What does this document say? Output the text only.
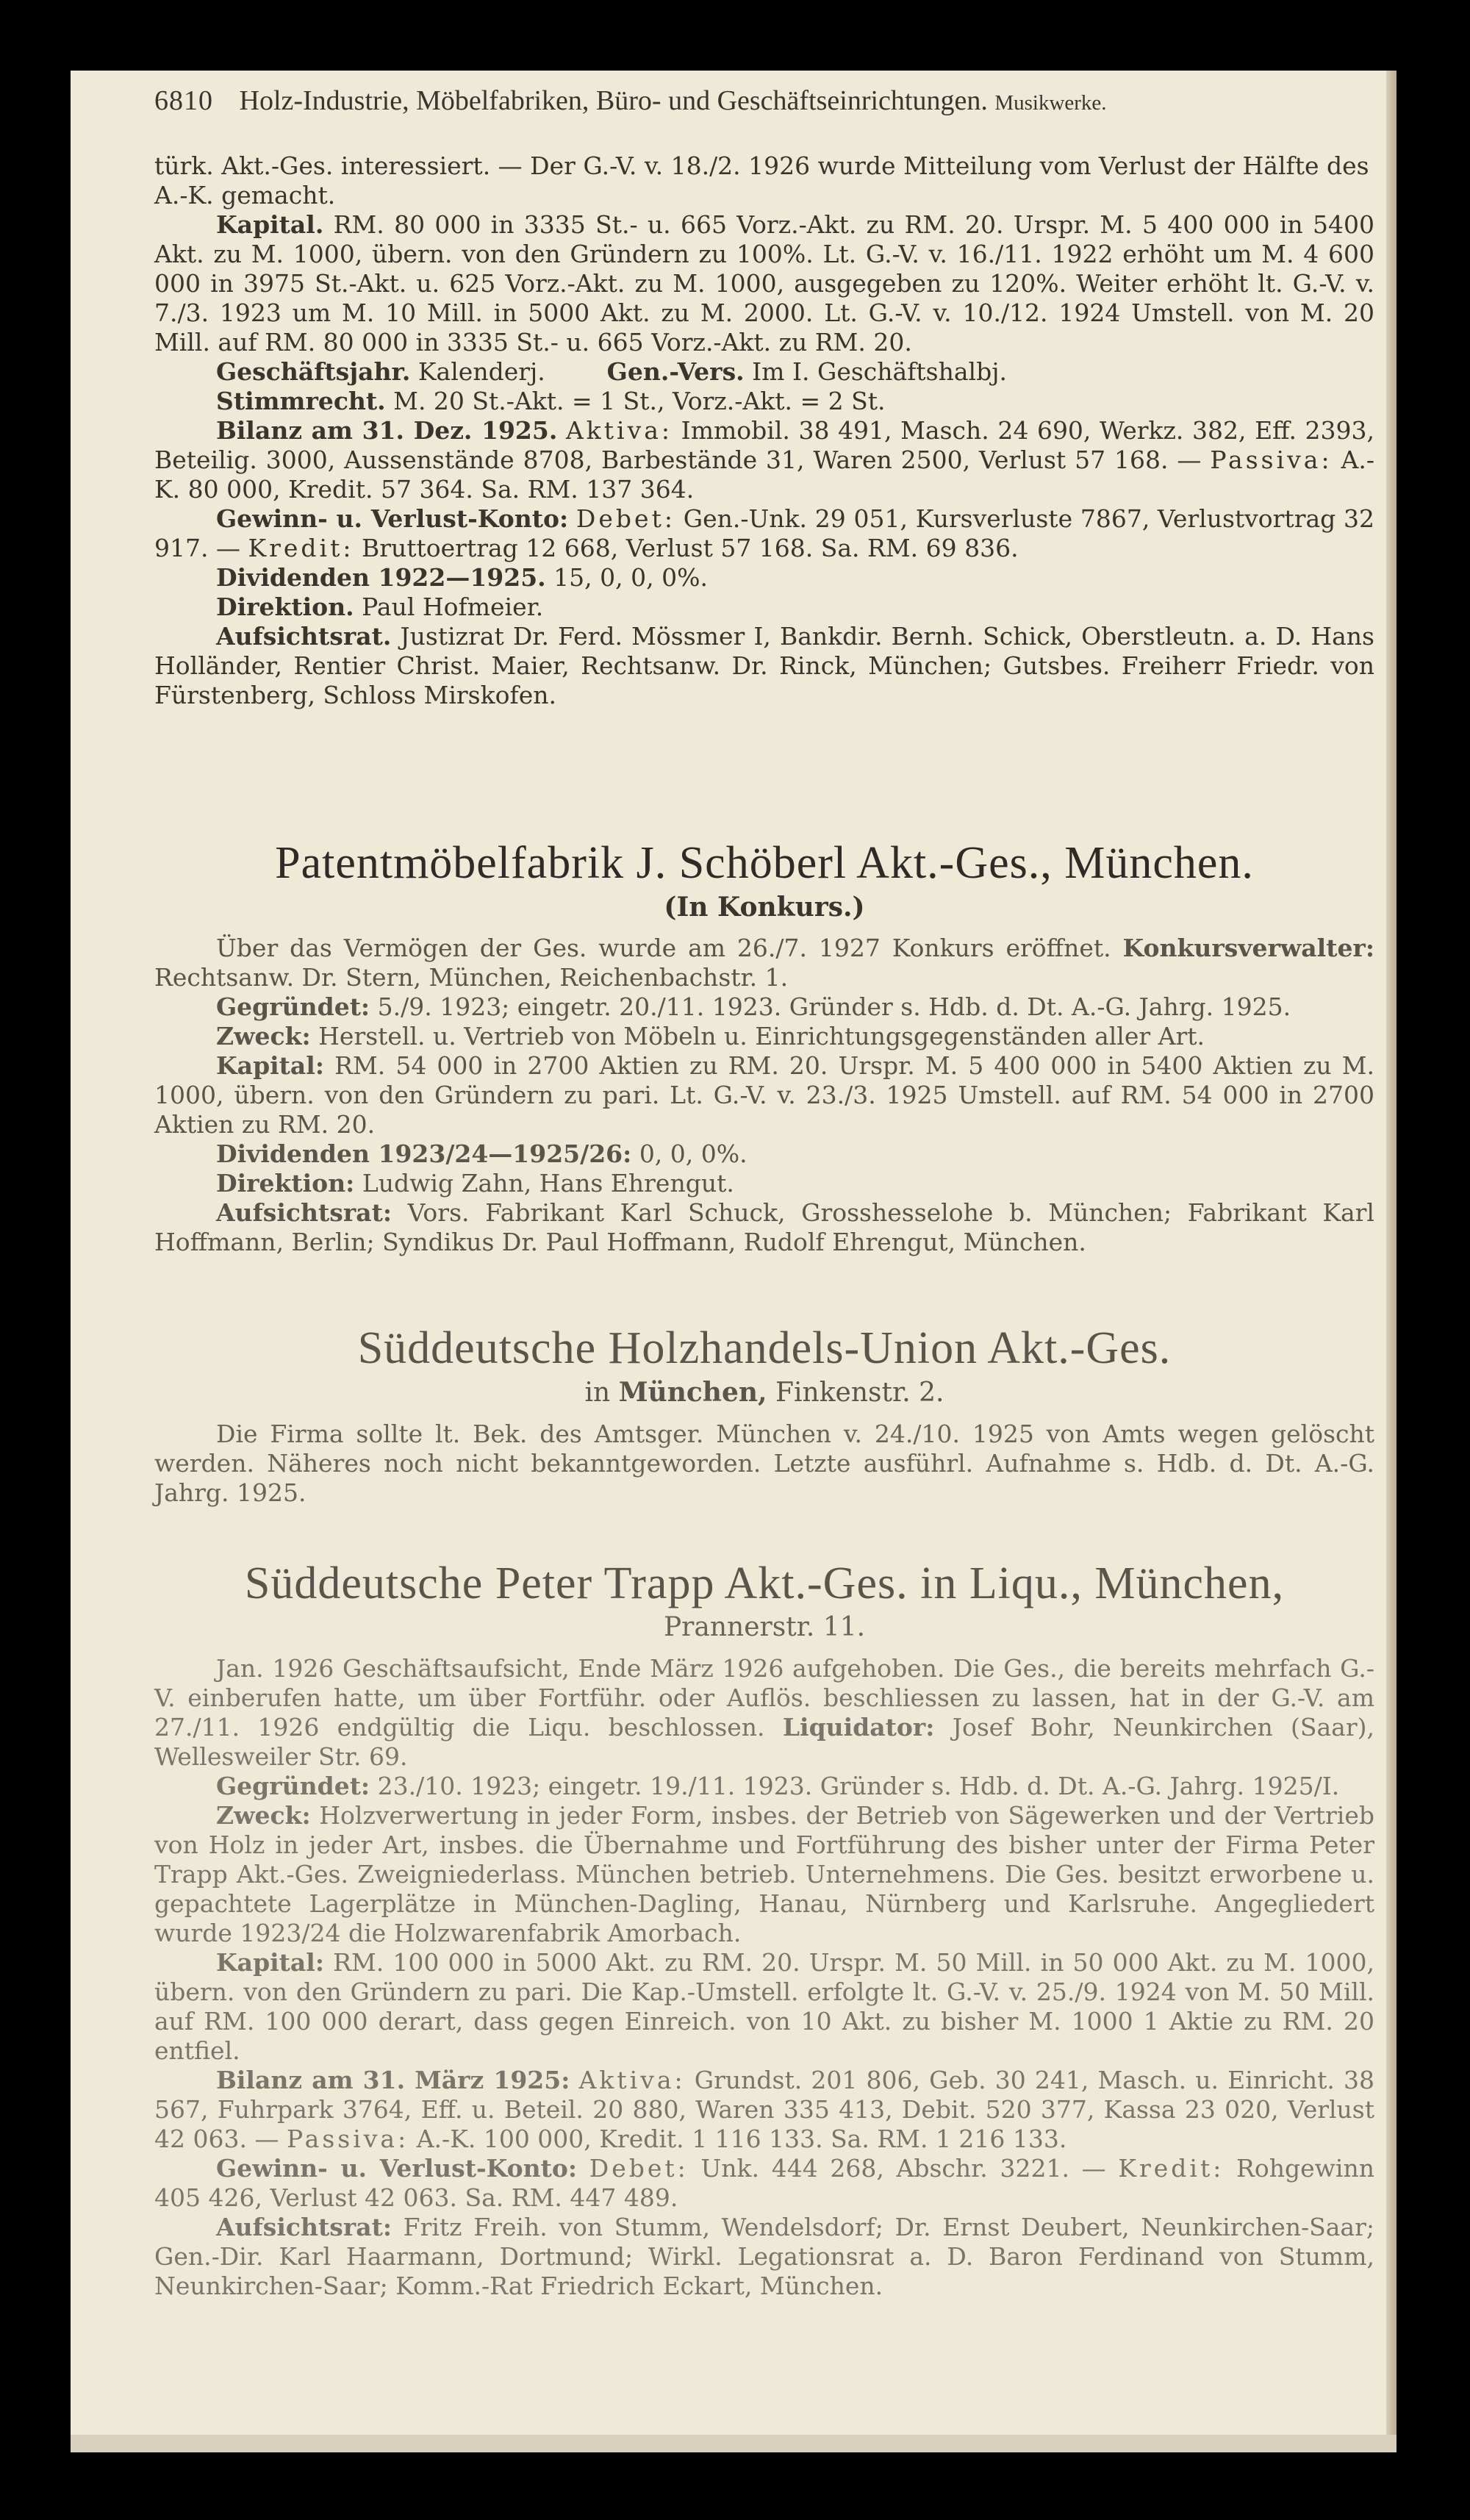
6810 Holz-Industrie, Möbelfabriken, Büro- und Geschäftseinrichtungen. Musikwerke.

türk. Akt.-Ges. interessiert. — Der G.-V. v. 18./2. 1926 wurde Mitteilung vom Verlust der Hälfte des A.-K. gemacht.

Kapital. RM. 80 000 in 3335 St.- u. 665 Vorz.-Akt. zu RM. 20. Urspr. M. 5 400 000 in 5400 Akt. zu M. 1000, übern. von den Gründern zu 100%. Lt. G.-V. v. 16./11. 1922 erhöht um M. 4 600 000 in 3975 St.-Akt. u. 625 Vorz.-Akt. zu M. 1000, ausgegeben zu 120%. Weiter erhöht lt. G.-V. v. 7./3. 1923 um M. 10 Mill. in 5000 Akt. zu M. 2000. Lt. G.-V. v. 10./12. 1924 Umstell. von M. 20 Mill. auf RM. 80 000 in 3335 St.- u. 665 Vorz.-Akt. zu RM. 20.

Geschäftsjahr. Kalenderj.	Gen.-Vers. Im I. Geschäftshalbj.

Stimmrecht. M. 20 St.-Akt. = 1 St., Vorz.-Akt. = 2 St.

Bilanz am 31. Dez. 1925. Aktiva: Immobil. 38 491, Masch. 24 690, Werkz. 382, Eff. 2393, Beteilig. 3000, Aussenstände 8708, Barbestände 31, Waren 2500, Verlust 57 168. — Passiva: A.-K. 80 000, Kredit. 57 364. Sa. RM. 137 364.

Gewinn- u. Verlust-Konto: Debet: Gen.-Unk. 29 051, Kursverluste 7867, Verlustvortrag 32 917. — Kredit: Bruttoertrag 12 668, Verlust 57 168. Sa. RM. 69 836.

Dividenden 1922—1925. 15, 0, 0, 0%.

Direktion. Paul Hofmeier.

Aufsichtsrat. Justizrat Dr. Ferd. Mössmer I, Bankdir. Bernh. Schick, Oberstleutn. a. D. Hans Holländer, Rentier Christ. Maier, Rechtsanw. Dr. Rinck, München; Gutsbes. Freiherr Friedr. von Fürstenberg, Schloss Mirskofen.

Patentmöbelfabrik J. Schöberl Akt.-Ges., München.
(In Konkurs.)

Über das Vermögen der Ges. wurde am 26./7. 1927 Konkurs eröffnet. Konkursverwalter: Rechtsanw. Dr. Stern, München, Reichenbachstr. 1.

Gegründet: 5./9. 1923; eingetr. 20./11. 1923. Gründer s. Hdb. d. Dt. A.-G. Jahrg. 1925.

Zweck: Herstell. u. Vertrieb von Möbeln u. Einrichtungsgegenständen aller Art.

Kapital: RM. 54 000 in 2700 Aktien zu RM. 20. Urspr. M. 5 400 000 in 5400 Aktien zu M. 1000, übern. von den Gründern zu pari. Lt. G.-V. v. 23./3. 1925 Umstell. auf RM. 54 000 in 2700 Aktien zu RM. 20.

Dividenden 1923/24—1925/26: 0, 0, 0%.

Direktion: Ludwig Zahn, Hans Ehrengut.

Aufsichtsrat: Vors. Fabrikant Karl Schuck, Grosshesselohe b. München; Fabrikant Karl Hoffmann, Berlin; Syndikus Dr. Paul Hoffmann, Rudolf Ehrengut, München.

Süddeutsche Holzhandels-Union Akt.-Ges.
in München, Finkenstr. 2.

Die Firma sollte lt. Bek. des Amtsger. München v. 24./10. 1925 von Amts wegen gelöscht werden. Näheres noch nicht bekanntgeworden. Letzte ausführl. Aufnahme s. Hdb. d. Dt. A.-G. Jahrg. 1925.

Süddeutsche Peter Trapp Akt.-Ges. in Liqu., München,
Prannerstr. 11.

Jan. 1926 Geschäftsaufsicht, Ende März 1926 aufgehoben. Die Ges., die bereits mehrfach G.-V. einberufen hatte, um über Fortführ. oder Auflös. beschliessen zu lassen, hat in der G.-V. am 27./11. 1926 endgültig die Liqu. beschlossen. Liquidator: Josef Bohr, Neunkirchen (Saar), Wellesweiler Str. 69.

Gegründet: 23./10. 1923; eingetr. 19./11. 1923. Gründer s. Hdb. d. Dt. A.-G. Jahrg. 1925/I.

Zweck: Holzverwertung in jeder Form, insbes. der Betrieb von Sägewerken und der Vertrieb von Holz in jeder Art, insbes. die Übernahme und Fortführung des bisher unter der Firma Peter Trapp Akt.-Ges. Zweigniederlass. München betrieb. Unternehmens. Die Ges. besitzt erworbene u. gepachtete Lagerplätze in München-Dagling, Hanau, Nürnberg und Karlsruhe. Angegliedert wurde 1923/24 die Holzwarenfabrik Amorbach.

Kapital: RM. 100 000 in 5000 Akt. zu RM. 20. Urspr. M. 50 Mill. in 50 000 Akt. zu M. 1000, übern. von den Gründern zu pari. Die Kap.-Umstell. erfolgte lt. G.-V. v. 25./9. 1924 von M. 50 Mill. auf RM. 100 000 derart, dass gegen Einreich. von 10 Akt. zu bisher M. 1000 1 Aktie zu RM. 20 entfiel.

Bilanz am 31. März 1925: Aktiva: Grundst. 201 806, Geb. 30 241, Masch. u. Einricht. 38 567, Fuhrpark 3764, Eff. u. Beteil. 20 880, Waren 335 413, Debit. 520 377, Kassa 23 020, Verlust 42 063. — Passiva: A.-K. 100 000, Kredit. 1 116 133. Sa. RM. 1 216 133.

Gewinn- u. Verlust-Konto: Debet: Unk. 444 268, Abschr. 3221. — Kredit: Rohgewinn 405 426, Verlust 42 063. Sa. RM. 447 489.

Aufsichtsrat: Fritz Freih. von Stumm, Wendelsdorf; Dr. Ernst Deubert, Neunkirchen-Saar; Gen.-Dir. Karl Haarmann, Dortmund; Wirkl. Legationsrat a. D. Baron Ferdinand von Stumm, Neunkirchen-Saar; Komm.-Rat Friedrich Eckart, München.
